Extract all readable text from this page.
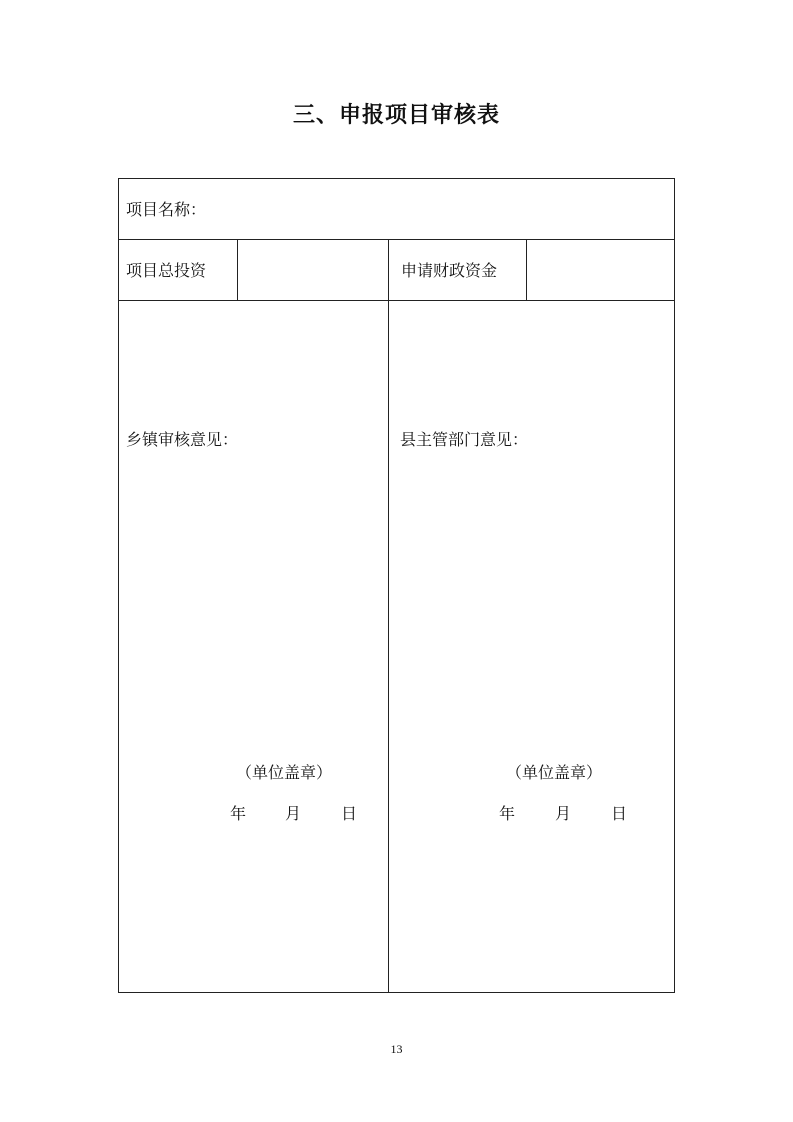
三、申报项目审核表
项目名称：
项目总投资	申请财政资金
乡镇审核意见：
（单位盖章）
年 月 日
县主管部门意见：
（单位盖章）
年 月 日
13
